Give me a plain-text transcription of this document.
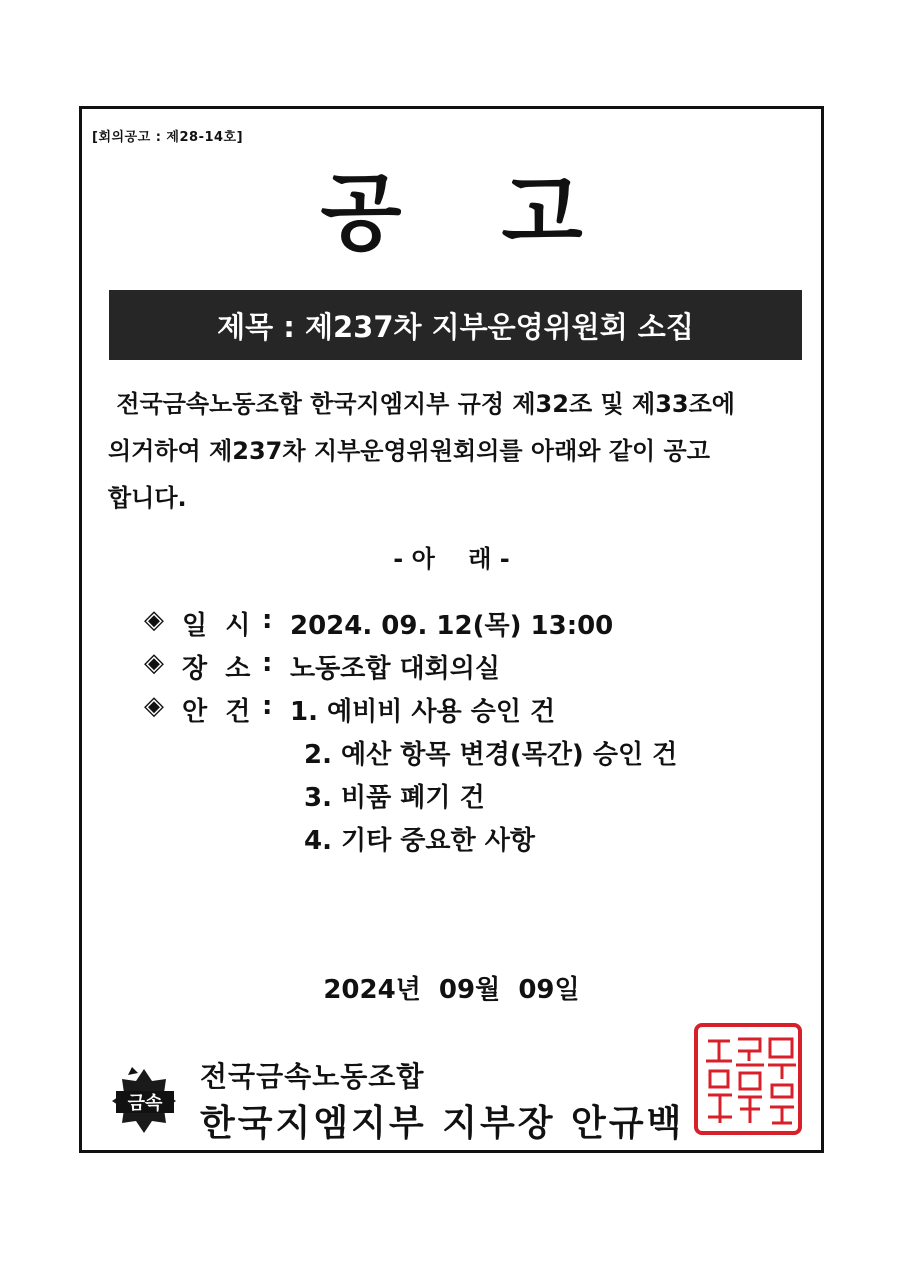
[회의공고 : 제28-14호]
공고
제목 : 제237차 지부운영위원회 소집
전국금속노동조합 한국지엠지부 규정 제32조 및 제33조에
의거하여 제237차 지부운영위원회의를 아래와 같이 공고
합니다.
- 아    래 -
◈ 일  시 : 2024. 09. 12(목) 13:00
◈ 장  소 : 노동조합 대회의실
◈ 안  건 : 1. 예비비 사용 승인 건
2. 예산 항목 변경(목간) 승인 건
3. 비품 폐기 건
4. 기타 중요한 사항
2024년  09월  09일
금속
전국금속노동조합
한국지엠지부 지부장 안규백
